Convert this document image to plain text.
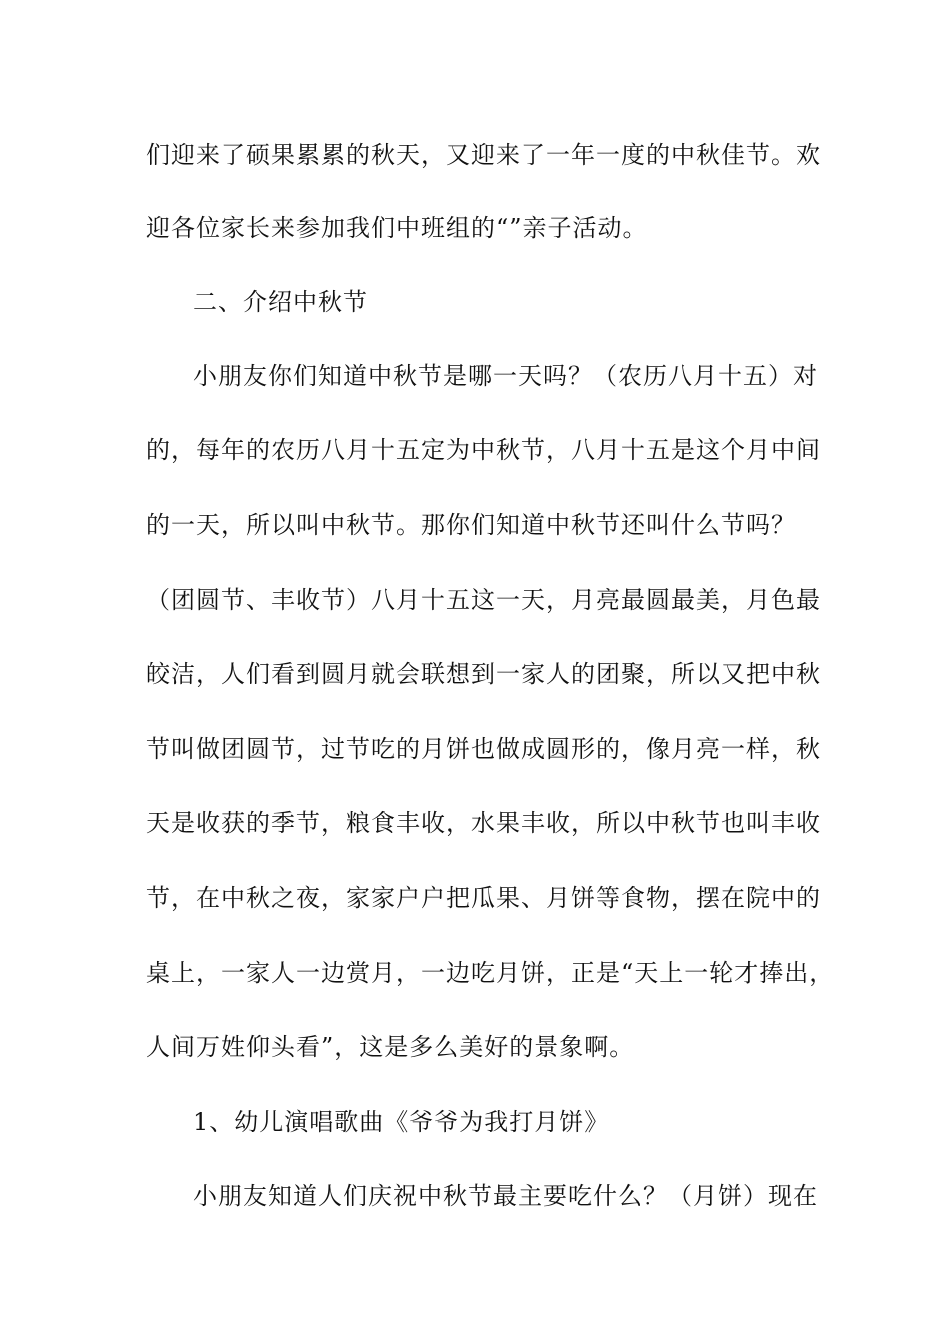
们迎来了硕果累累的秋天，又迎来了一年一度的中秋佳节。欢
迎各位家长来参加我们中班组的“”亲子活动。
二、介绍中秋节
小朋友你们知道中秋节是哪一天吗？（农历八月十五）对
的，每年的农历八月十五定为中秋节，八月十五是这个月中间
的一天，所以叫中秋节。那你们知道中秋节还叫什么节吗？
（团圆节、丰收节）八月十五这一天，月亮最圆最美，月色最
皎洁，人们看到圆月就会联想到一家人的团聚，所以又把中秋
节叫做团圆节，过节吃的月饼也做成圆形的，像月亮一样，秋
天是收获的季节，粮食丰收，水果丰收，所以中秋节也叫丰收
节，在中秋之夜，家家户户把瓜果、月饼等食物，摆在院中的
桌上，一家人一边赏月，一边吃月饼，正是“天上一轮才捧出，
人间万姓仰头看”，这是多么美好的景象啊。
1、幼儿演唱歌曲《爷爷为我打月饼》
小朋友知道人们庆祝中秋节最主要吃什么？（月饼）现在
